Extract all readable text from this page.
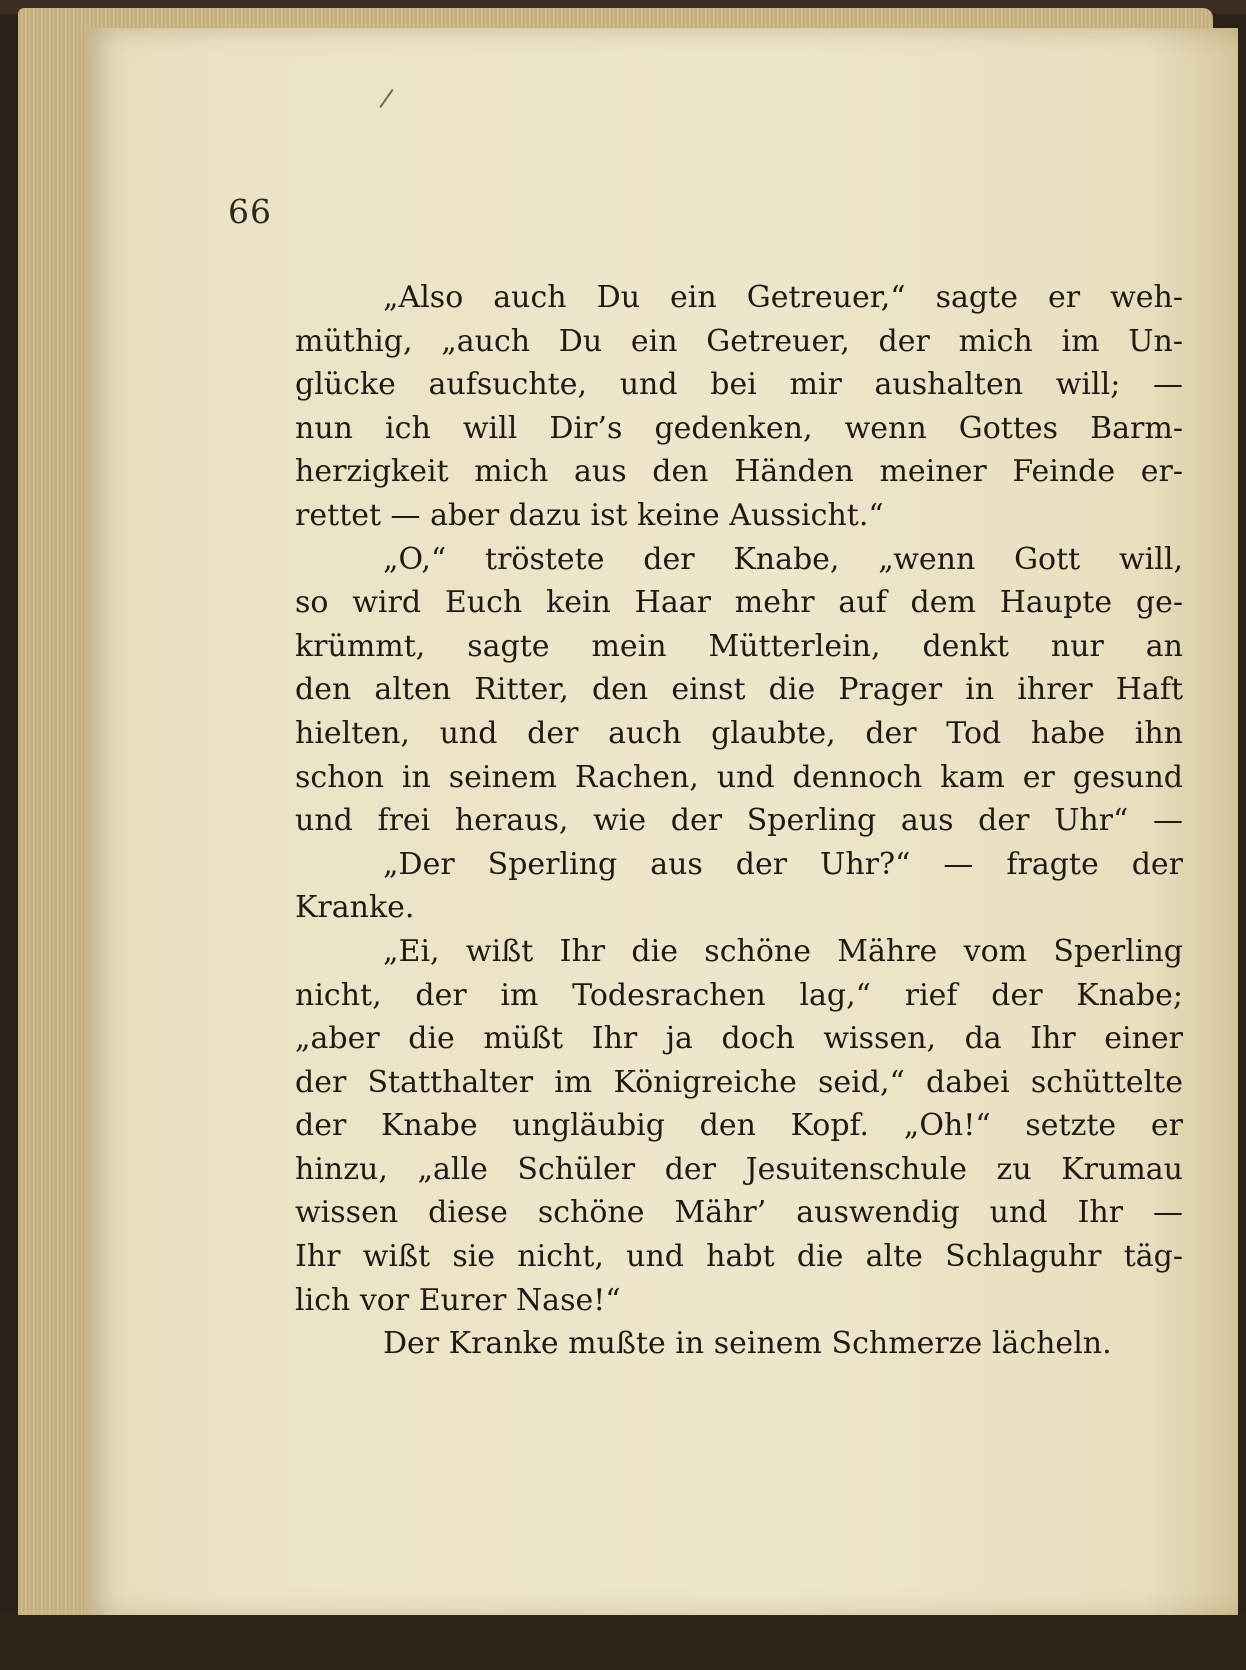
66
„Also auch Du ein Getreuer,“ sagte er weh-
müthig, „auch Du ein Getreuer, der mich im Un-
glücke aufsuchte, und bei mir aushalten will; —
nun ich will Dir’s gedenken, wenn Gottes Barm-
herzigkeit mich aus den Händen meiner Feinde er-
rettet — aber dazu ist keine Aussicht.“
„O,“ tröstete der Knabe, „wenn Gott will,
so wird Euch kein Haar mehr auf dem Haupte ge-
krümmt, sagte mein Mütterlein, denkt nur an
den alten Ritter, den einst die Prager in ihrer Haft
hielten, und der auch glaubte, der Tod habe ihn
schon in seinem Rachen, und dennoch kam er gesund
und frei heraus, wie der Sperling aus der Uhr“ —
„Der Sperling aus der Uhr?“ — fragte der
Kranke.
„Ei, wißt Ihr die schöne Mähre vom Sperling
nicht, der im Todesrachen lag,“ rief der Knabe;
„aber die müßt Ihr ja doch wissen, da Ihr einer
der Statthalter im Königreiche seid,“ dabei schüttelte
der Knabe ungläubig den Kopf. „Oh!“ setzte er
hinzu, „alle Schüler der Jesuitenschule zu Krumau
wissen diese schöne Mähr’ auswendig und Ihr —
Ihr wißt sie nicht, und habt die alte Schlaguhr täg-
lich vor Eurer Nase!“
Der Kranke mußte in seinem Schmerze lächeln.
